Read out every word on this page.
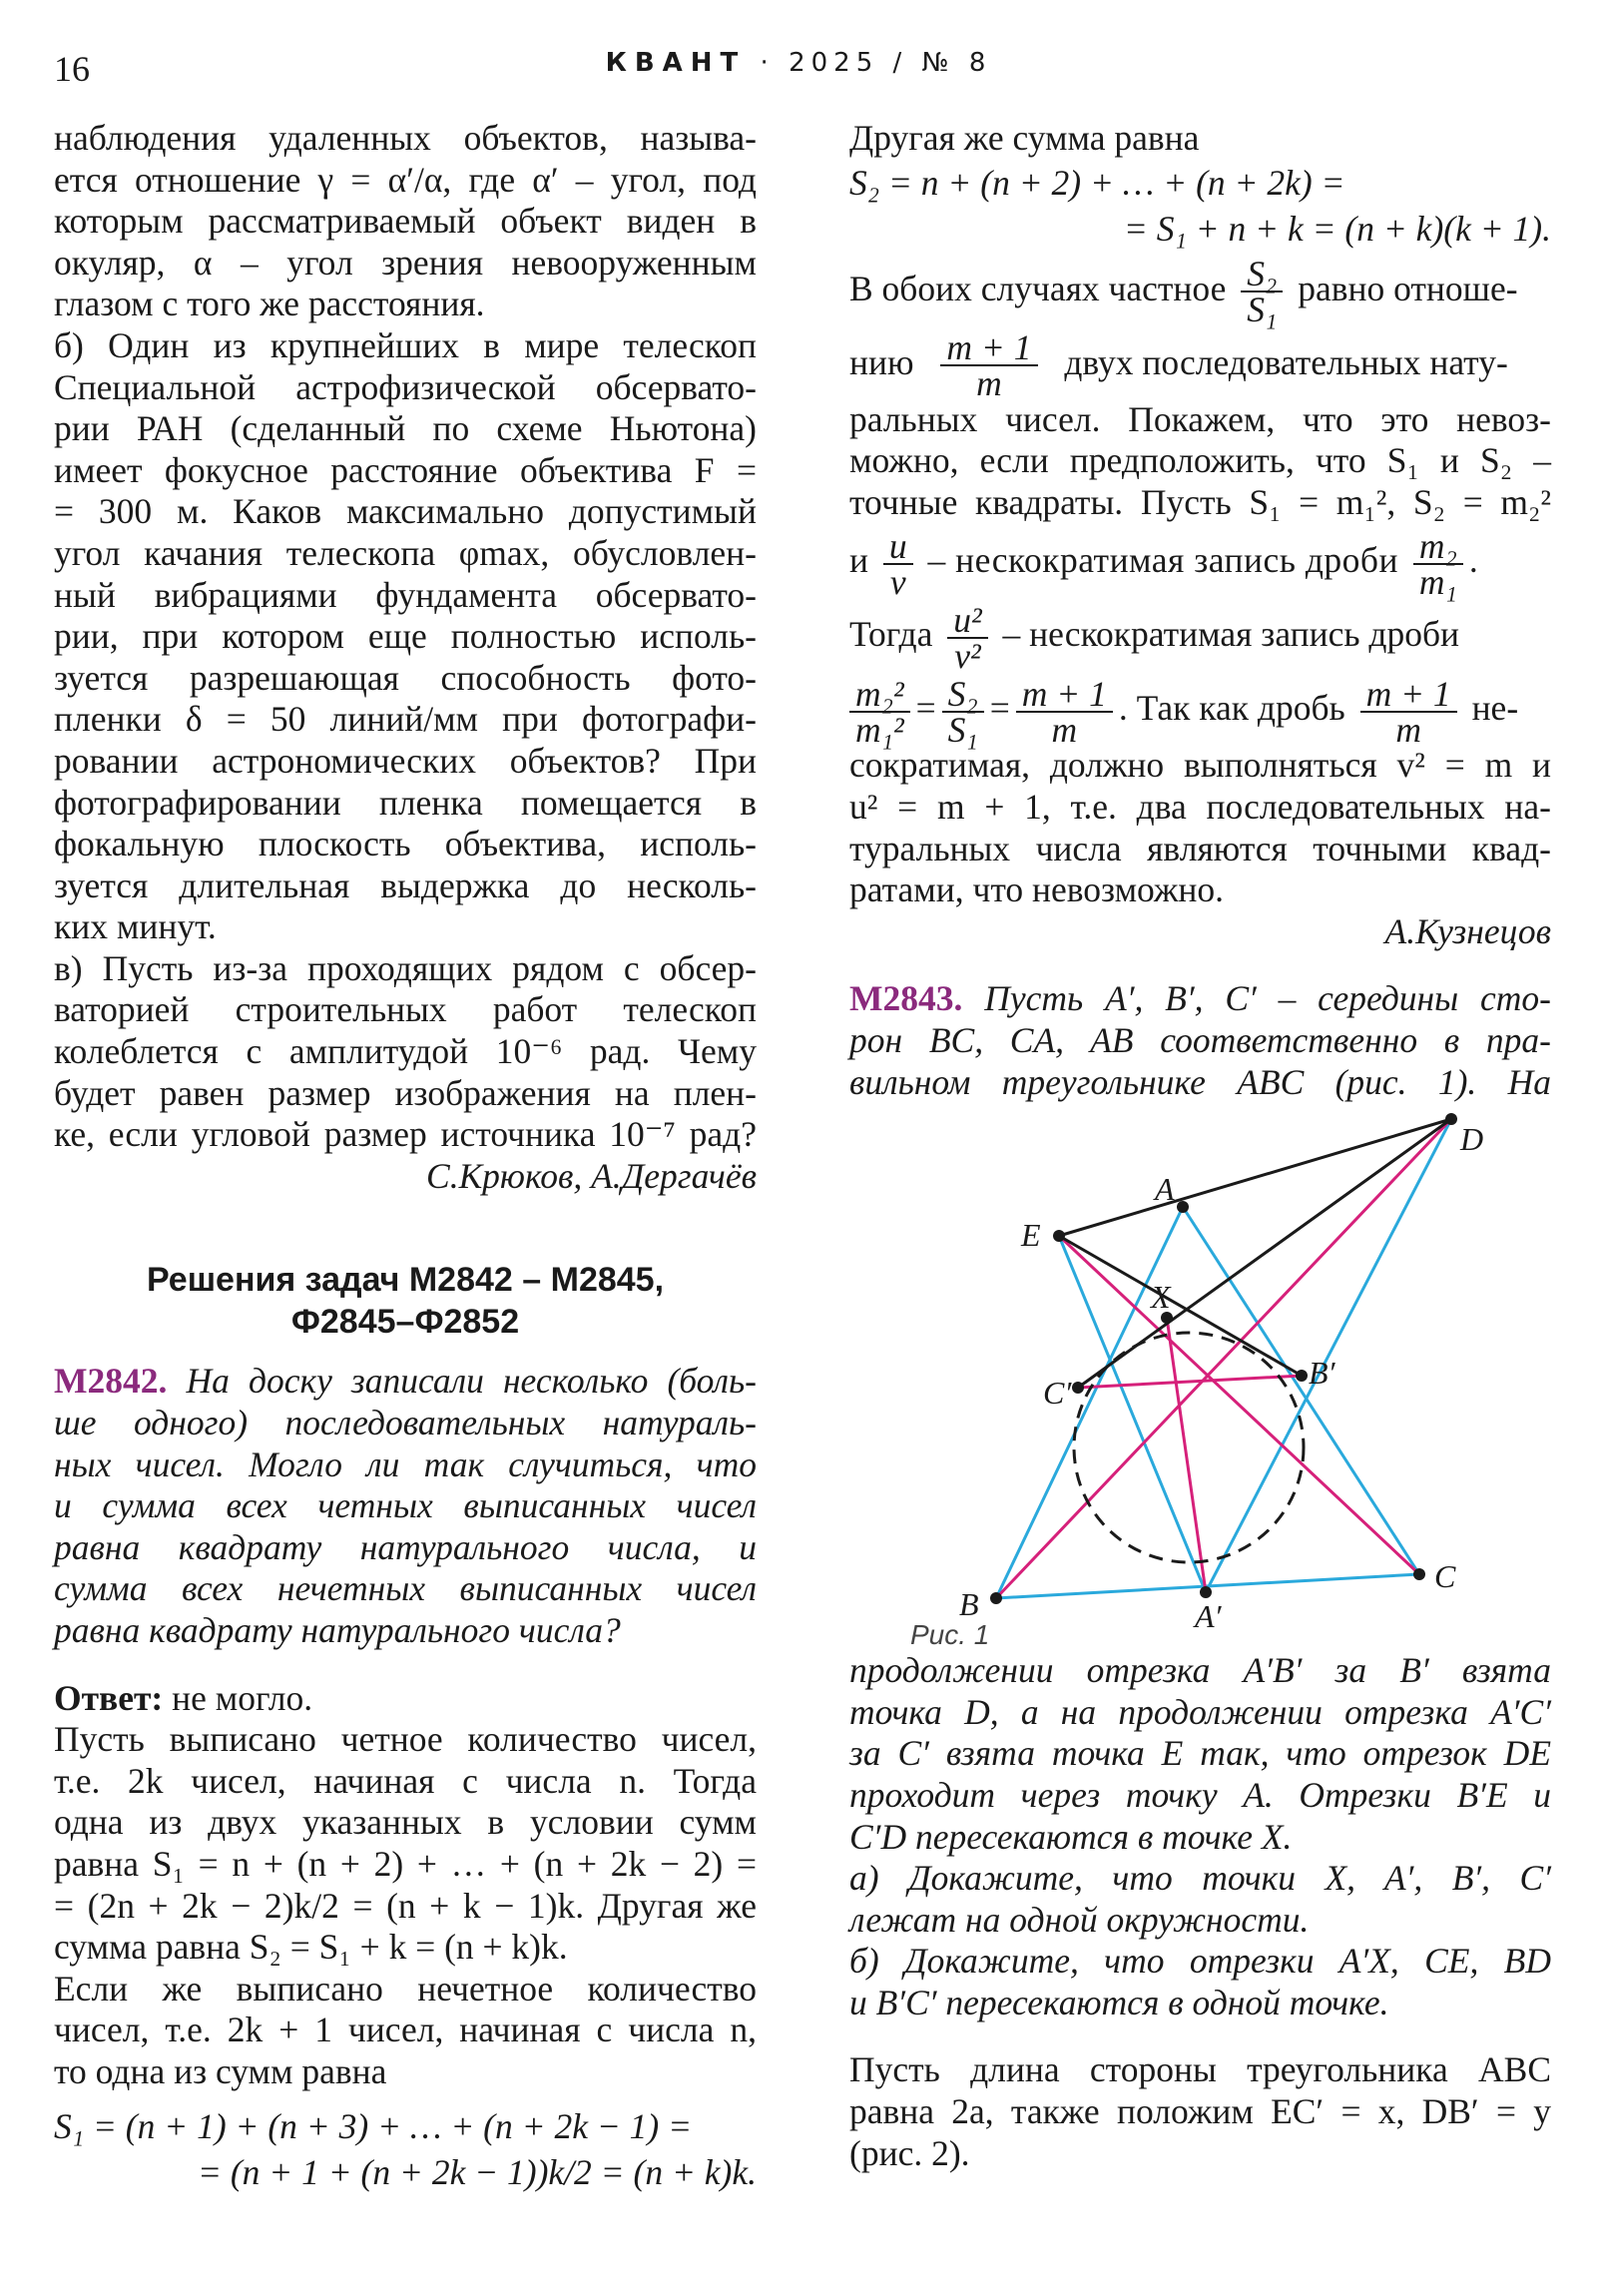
16	КВАНТ · 2025 / № 8
наблюдения удаленных объектов, называ-
ется отношение γ = α′/α, где α′ – угол, под
которым рассматриваемый объект виден в
окуляр, α – угол зрения невооруженным
глазом с того же расстояния.
б) Один из крупнейших в мире телескоп
Специальной астрофизической обсервато-
рии РАН (сделанный по схеме Ньютона)
имеет фокусное расстояние объектива F =
= 300 м. Каков максимально допустимый
угол качания телескопа φmax, обусловлен-
ный вибрациями фундамента обсервато-
рии, при котором еще полностью исполь-
зуется разрешающая способность фото-
пленки δ = 50 линий/мм при фотографи-
ровании астрономических объектов? При
фотографировании пленка помещается в
фокальную плоскость объектива, исполь-
зуется длительная выдержка до несколь-
ких минут.
в) Пусть из-за проходящих рядом с обсер-
ваторией строительных работ телескоп
колеблется с амплитудой 10⁻⁶ рад. Чему
будет равен размер изображения на плен-
ке, если угловой размер источника 10⁻⁷ рад?
С.Крюков, А.Дергачёв
Решения задач М2842 – М2845,
Ф2845–Ф2852
М2842. На доску записали несколько (боль-
ше одного) последовательных натураль-
ных чисел. Могло ли так случиться, что
и сумма всех четных выписанных чисел
равна квадрату натурального числа, и
сумма всех нечетных выписанных чисел
равна квадрату натурального числа?
Ответ: не могло.
Пусть выписано четное количество чисел,
т.е. 2k чисел, начиная с числа n. Тогда
одна из двух указанных в условии сумм
равна S₁ = n + (n + 2) + … + (n + 2k − 2) =
= (2n + 2k − 2)k/2 = (n + k − 1)k. Другая же
сумма равна S₂ = S₁ + k = (n + k)k.
Если же выписано нечетное количество
чисел, т.е. 2k + 1 чисел, начиная с числа n,
то одна из сумм равна
S₁ = (n + 1) + (n + 3) + … + (n + 2k − 1) =
= (n + 1 + (n + 2k − 1))k/2 = (n + k)k.
Другая же сумма равна
S₂ = n + (n + 2) + … + (n + 2k) =
= S₁ + n + k = (n + k)(k + 1).
В обоих случаях частное $\frac{\text{S₂}}{\text{S₁}}$ равно отноше-
нию $\frac{m + 1}{m}$ двух последовательных нату-
ральных чисел. Покажем, что это невоз-
можно, если предположить, что S₁ и S₂ –
точные квадраты. Пусть S₁ = m₁², S₂ = m₂²
и $\frac{u}{v}$ – нескократимая запись дроби $\frac{\text{m₂}}{\text{m₁}}$ .
Тогда $\frac{\text{u²}}{\text{v²}}$ – нескократимая запись дроби
$\frac{\text{m₂²}}{\text{m₁²}} = \frac{\text{S₂}}{\text{S₁}} = \frac{m + 1}{m}$ . Так как дробь $\frac{m + 1}{m} не-$
сократимая, должно выполняться v² = m и
u² = m + 1, т.е. два последовательных на-
туральных числа являются точными квад-
ратами, что невозможно.
А.Кузнецов
М2843. Пусть A′, B′, C′ – середины сто-
рон BC, CA, AB соответственно в пра-
вильном треугольнике ABC (рис. 1). На
A
B
C
D
E
X
A′
B′
C′
Рис. 1
продолжении отрезка A′B′ за B′ взята
точка D, а на продолжении отрезка A′C′
за C′ взята точка E так, что отрезок DE
проходит через точку A. Отрезки B′E и
C′D пересекаются в точке X.
а) Докажите, что точки X, A′, B′, C′
лежат на одной окружности.
б) Докажите, что отрезки A′X, CE, BD
и B′C′ пересекаются в одной точке.
Пусть длина стороны треугольника ABC
равна 2a, также положим EC′ = x, DB′ = y
(рис. 2).
